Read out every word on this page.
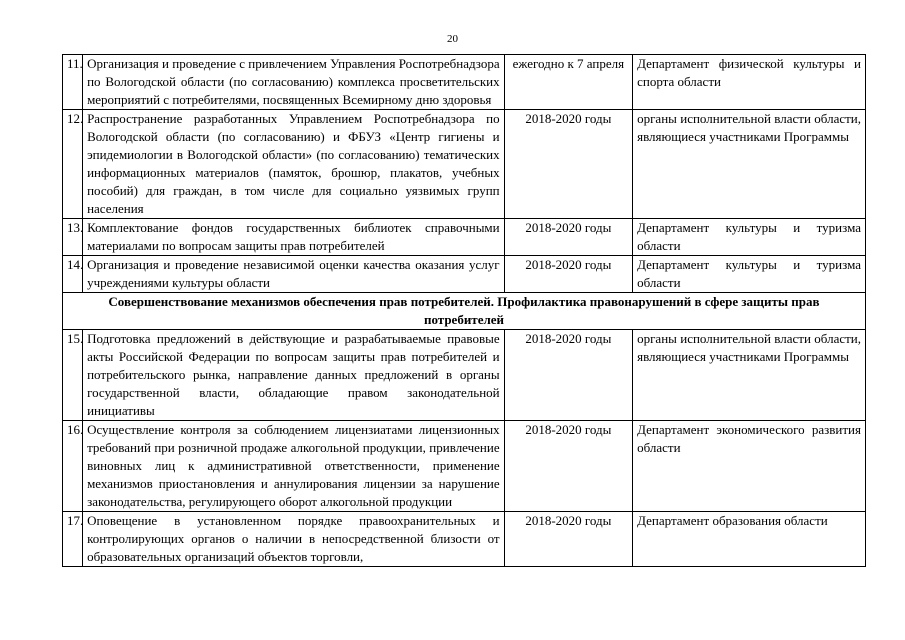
20
11.	Организация и проведение с привлечением Управления Роспотребнадзора по Вологодской области (по согласованию) комплекса просветительских мероприятий с потребителями, посвященных Всемирному дню здоровья	ежегодно к 7 апреля	Департамент физической культуры и спорта области
12.	Распространение разработанных Управлением Роспотребнадзора по Вологодской области (по согласованию) и ФБУЗ «Центр гигиены и эпидемиологии в Вологодской области» (по согласованию) тематических информационных материалов (памяток, брошюр, плакатов, учебных пособий) для граждан, в том числе для социально уязвимых групп населения	2018-2020 годы	органы исполнительной власти области, являющиеся участниками Программы
13.	Комплектование фондов государственных библиотек справочными материалами по вопросам защиты прав потребителей	2018-2020 годы	Департамент культуры и туризма области
14.	Организация и проведение независимой оценки качества оказания услуг учреждениями культуры области	2018-2020 годы	Департамент культуры и туризма области
Совершенствование механизмов обеспечения прав потребителей. Профилактика правонарушений в сфере защиты прав потребителей			
15.	Подготовка предложений в действующие и разрабатываемые правовые акты Российской Федерации по вопросам защиты прав потребителей и потребительского рынка, направление данных предложений в органы государственной власти, обладающие правом законодательной инициативы	2018-2020 годы	органы исполнительной власти области, являющиеся участниками Программы
16.	Осуществление контроля за соблюдением лицензиатами лицензионных требований при розничной продаже алкогольной продукции, привлечение виновных лиц к административной ответственности, применение механизмов приостановления и аннулирования лицензии за нарушение законодательства, регулирующего оборот алкогольной продукции	2018-2020 годы	Департамент экономического развития области
17.	Оповещение в установленном порядке правоохранительных и контролирующих органов о наличии в непосредственной близости от образовательных организаций объектов торговли,	2018-2020 годы	Департамент образования области
